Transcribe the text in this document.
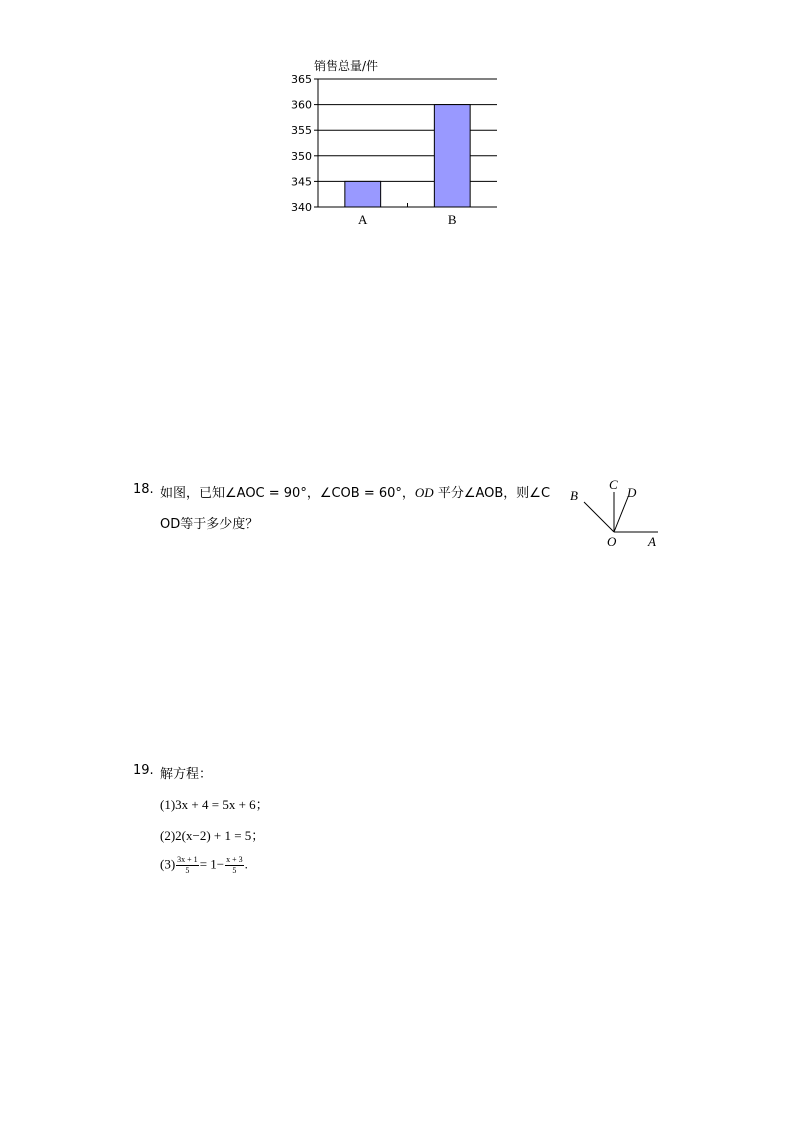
销售总量/件
340
345
350
355
360
365
A	B
18. 如图，已知∠AOC = 90°，∠COB = 60°，OD 平分∠AOB，则∠C
OD等于多少度？
B
C
D
O A
19. 解方程：
(1)3x + 4 = 5x + 6；
(2)2(x−2) + 1 = 5；
$(3) \frac{3x + 1}{5} = 1- \frac{x + 3}{5}$ .
